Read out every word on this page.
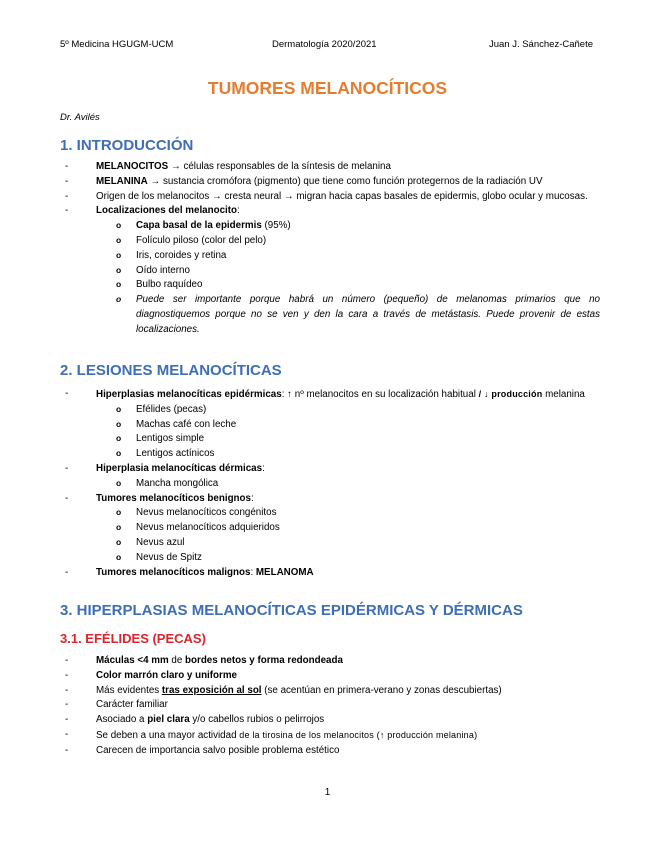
5º Medicina HGUGM-UCM	Dermatología 2020/2021	Juan J. Sánchez-Cañete
TUMORES MELANOCÍTICOS
Dr. Avilés
1. INTRODUCCIÓN
- MELANOCITOS → células responsables de la síntesis de melanina
- MELANINA → sustancia cromófora (pigmento) que tiene como función protegernos de la radiación UV
- Origen de los melanocitos → cresta neural → migran hacia capas basales de epidermis, globo ocular y mucosas.
- Localizaciones del melanocito:
o Capa basal de la epidermis (95%)
o Folículo piloso (color del pelo)
o Iris, coroides y retina
o Oído interno
o Bulbo raquídeo
o Puede ser importante porque habrá un número (pequeño) de melanomas primarios que no diagnostiquemos porque no se ven y den la cara a través de metástasis. Puede provenir de estas localizaciones.
2. LESIONES MELANOCÍTICAS
- Hiperplasias melanocíticas epidérmicas: ↑ nº melanocitos en su localización habitual / ↓ producción melanina
o Efélides (pecas)
o Machas café con leche
o Lentigos simple
o Lentigos actínicos
- Hiperplasia melanocíticas dérmicas:
o Mancha mongólica
- Tumores melanocíticos benignos:
o Nevus melanocíticos congénitos
o Nevus melanocíticos adquieridos
o Nevus azul
o Nevus de Spitz
- Tumores melanocíticos malignos: MELANOMA
3. HIPERPLASIAS MELANOCÍTICAS EPIDÉRMICAS Y DÉRMICAS
3.1. EFÉLIDES (PECAS)
- Máculas <4 mm de bordes netos y forma redondeada
- Color marrón claro y uniforme
- Más evidentes tras exposición al sol (se acentúan en primera-verano y zonas descubiertas)
- Carácter familiar
- Asociado a piel clara y/o cabellos rubios o pelirrojos
- Se deben a una mayor actividad de la tirosina de los melanocitos (↑ producción melanina)
- Carecen de importancia salvo posible problema estético
1
